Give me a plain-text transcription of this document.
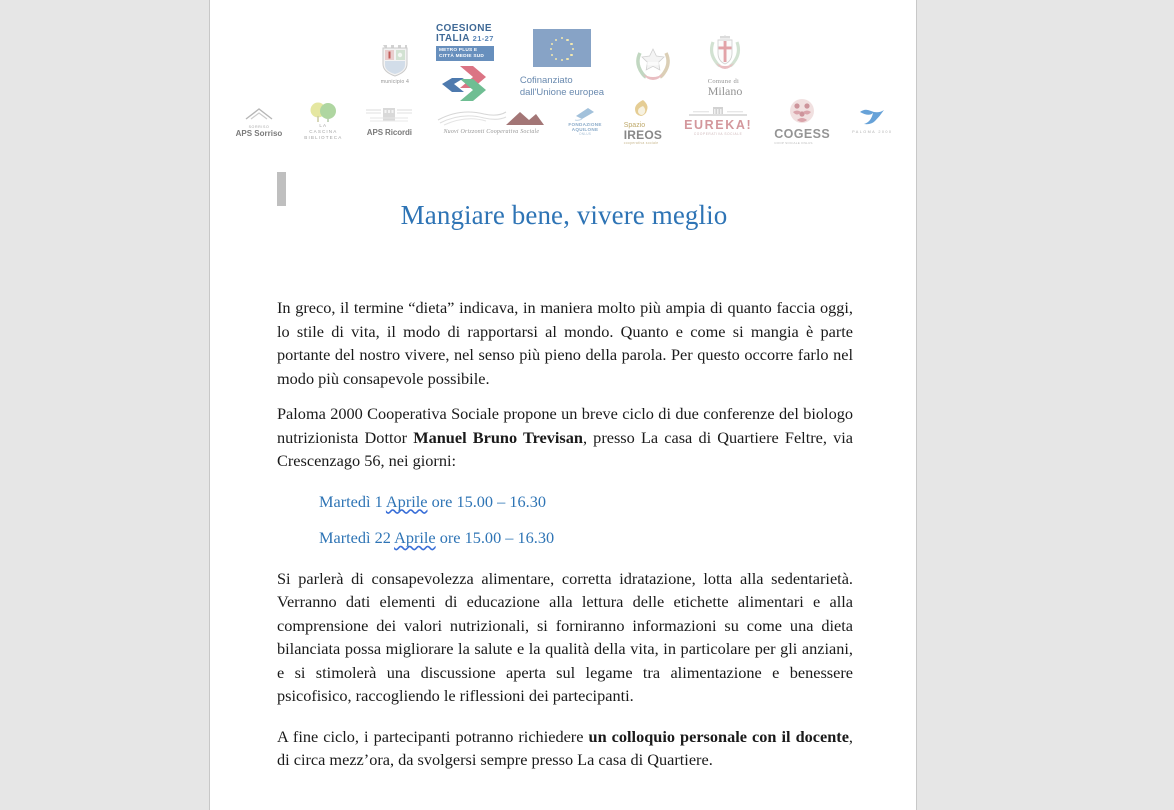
municipio 4
COESIONE
ITALIA 21-27
METRO PLUS E
CITTÀ MEDIE SUD
Cofinanziato
dall'Unione europea
Comune di
Milano
SORRISO
APS Sorriso
LA
CASCINA
BIBLIOTECA
APS Ricordi	Nuovi Orizzonti Cooperativa Sociale
FONDAZIONE
AQUILONE
ONLUS
Spazio
IREOS
cooperativa sociale
EUREKA!
COOPERATIVA SOCIALE	COGESS
COOP SOCIALE ONLUS
PALOMA 2000
Mangiare bene, vivere meglio

In greco, il termine “dieta” indicava, in maniera molto più ampia di quanto faccia oggi, lo stile di vita, il modo di rapportarsi al mondo. Quanto e come si mangia è parte portante del nostro vivere, nel senso più pieno della parola. Per questo occorre farlo nel modo più consapevole possibile.

Paloma 2000 Cooperativa Sociale propone un breve ciclo di due conferenze del biologo nutrizionista Dottor Manuel Bruno Trevisan, presso La casa di Quartiere Feltre, via Crescenzago 56, nei giorni:

Martedì 1 Aprile ore 15.00 – 16.30

Martedì 22 Aprile ore 15.00 – 16.30

Si parlerà di consapevolezza alimentare, corretta idratazione, lotta alla sedentarietà. Verranno dati elementi di educazione alla lettura delle etichette alimentari e alla comprensione dei valori nutrizionali, si forniranno informazioni su come una dieta bilanciata possa migliorare la salute e la qualità della vita, in particolare per gli anziani, e si stimolerà una discussione aperta sul legame tra alimentazione e benessere psicofisico, raccogliendo le riflessioni dei partecipanti.

A fine ciclo, i partecipanti potranno richiedere un colloquio personale con il docente, di circa mezz’ora, da svolgersi sempre presso La casa di Quartiere.
